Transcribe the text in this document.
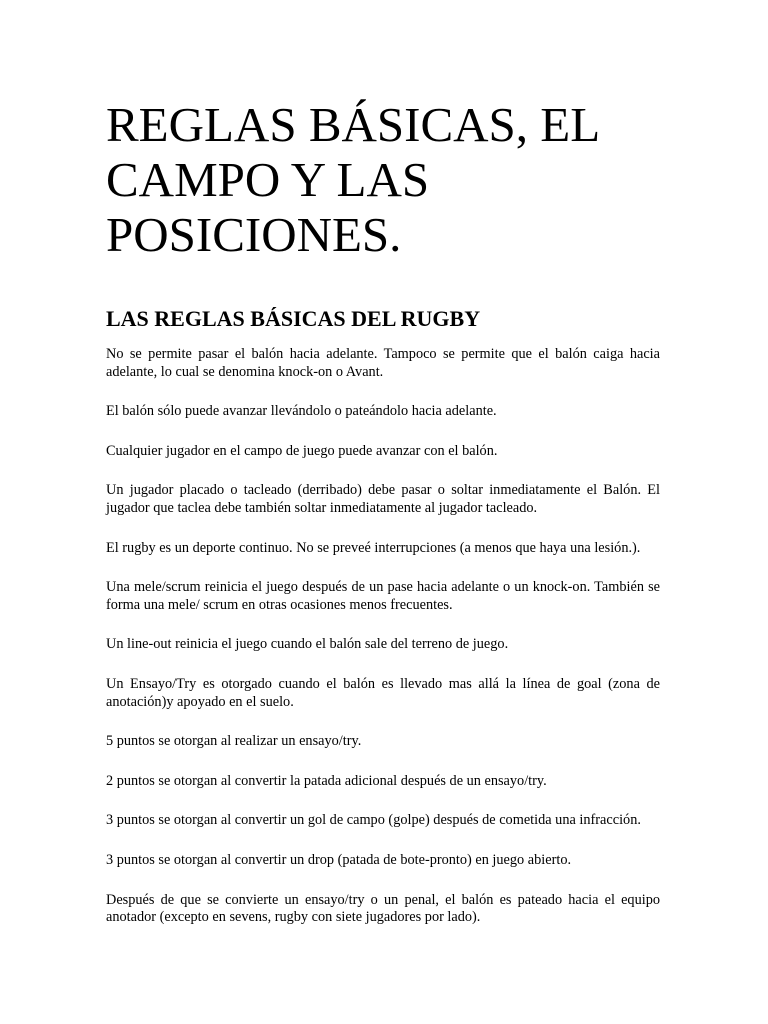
REGLAS BÁSICAS, EL
CAMPO Y LAS
POSICIONES.
LAS REGLAS BÁSICAS DEL RUGBY

No se permite pasar el balón hacia adelante. Tampoco se permite que el balón caiga hacia adelante, lo cual se denomina knock-on o Avant.

El balón sólo puede avanzar llevándolo o pateándolo hacia adelante.

Cualquier jugador en el campo de juego puede avanzar con el balón.

Un jugador placado o tacleado (derribado) debe pasar o soltar inmediatamente el Balón. El jugador que taclea debe también soltar inmediatamente al jugador tacleado.

El rugby es un deporte continuo. No se preveé interrupciones (a menos que haya una lesión.).

Una mele/scrum reinicia el juego después de un pase hacia adelante o un knock-on. También se forma una mele/ scrum en otras ocasiones menos frecuentes.

Un line-out reinicia el juego cuando el balón sale del terreno de juego.

Un Ensayo/Try es otorgado cuando el balón es llevado mas allá la línea de goal (zona de anotación)y apoyado en el suelo.

5 puntos se otorgan al realizar un ensayo/try.

2 puntos se otorgan al convertir la patada adicional después de un ensayo/try.

3 puntos se otorgan al convertir un gol de campo (golpe) después de cometida una infracción.

3 puntos se otorgan al convertir un drop (patada de bote-pronto) en juego abierto.

Después de que se convierte un ensayo/try o un penal, el balón es pateado hacia el equipo anotador (excepto en sevens, rugby con siete jugadores por lado).
